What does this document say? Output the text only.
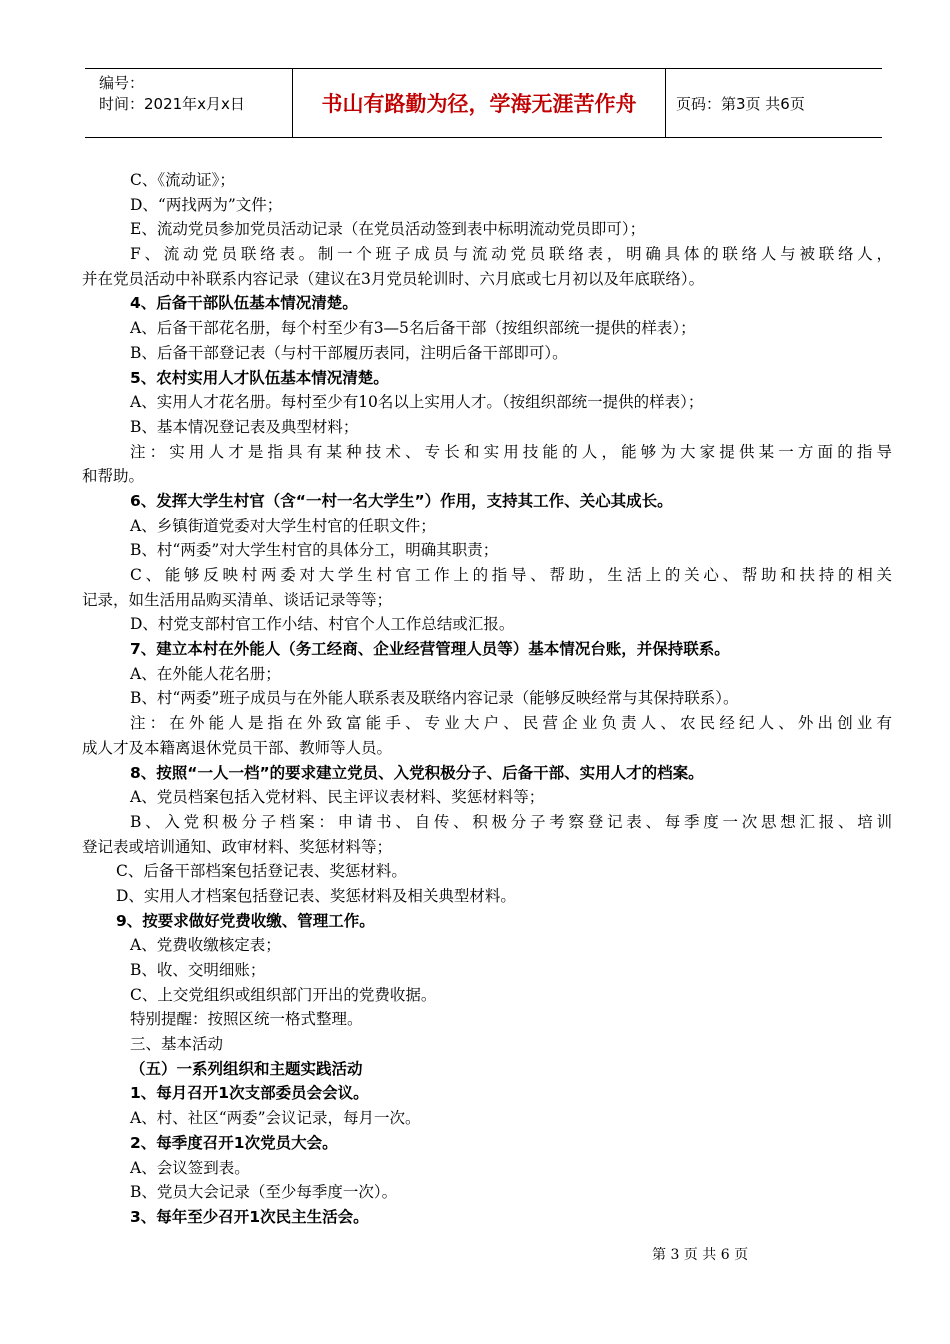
编号：
时间：2021年x月x日	书山有路勤为径，学海无涯苦作舟	页码：第3页 共6页
C、《流动证》；
D、“两找两为”文件；
E、流动党员参加党员活动记录（在党员活动签到表中标明流动党员即可）；
F、流动党员联络表。制一个班子成员与流动党员联络表，明确具体的联络人与被联络人，
并在党员活动中补联系内容记录（建议在3月党员轮训时、六月底或七月初以及年底联络）。
4、后备干部队伍基本情况清楚。
A、后备干部花名册，每个村至少有3—5名后备干部（按组织部统一提供的样表）；
B、后备干部登记表（与村干部履历表同，注明后备干部即可）。
5、农村实用人才队伍基本情况清楚。
A、实用人才花名册。每村至少有10名以上实用人才。（按组织部统一提供的样表）；
B、基本情况登记表及典型材料；
注：实用人才是指具有某种技术、专长和实用技能的人，能够为大家提供某一方面的指导
和帮助。
6、发挥大学生村官（含“一村一名大学生”）作用，支持其工作、关心其成长。
A、乡镇街道党委对大学生村官的任职文件；
B、村“两委”对大学生村官的具体分工，明确其职责；
C、能够反映村两委对大学生村官工作上的指导、帮助，生活上的关心、帮助和扶持的相关
记录，如生活用品购买清单、谈话记录等等；
D、村党支部村官工作小结、村官个人工作总结或汇报。
7、建立本村在外能人（务工经商、企业经营管理人员等）基本情况台账，并保持联系。
A、在外能人花名册；
B、村“两委”班子成员与在外能人联系表及联络内容记录（能够反映经常与其保持联系）。
注：在外能人是指在外致富能手、专业大户、民营企业负责人、农民经纪人、外出创业有
成人才及本籍离退休党员干部、教师等人员。
8、按照“一人一档”的要求建立党员、入党积极分子、后备干部、实用人才的档案。
A、党员档案包括入党材料、民主评议表材料、奖惩材料等；
B、入党积极分子档案：申请书、自传、积极分子考察登记表、每季度一次思想汇报、培训
登记表或培训通知、政审材料、奖惩材料等；
C、后备干部档案包括登记表、奖惩材料。
D、实用人才档案包括登记表、奖惩材料及相关典型材料。
9、按要求做好党费收缴、管理工作。
A、党费收缴核定表；
B、收、交明细账；
C、上交党组织或组织部门开出的党费收据。
特别提醒：按照区统一格式整理。
三、基本活动
（五）一系列组织和主题实践活动
1、每月召开1次支部委员会会议。
A、村、社区“两委”会议记录，每月一次。
2、每季度召开1次党员大会。
A、会议签到表。
B、党员大会记录（至少每季度一次）。
3、每年至少召开1次民主生活会。
第 3 页 共 6 页
